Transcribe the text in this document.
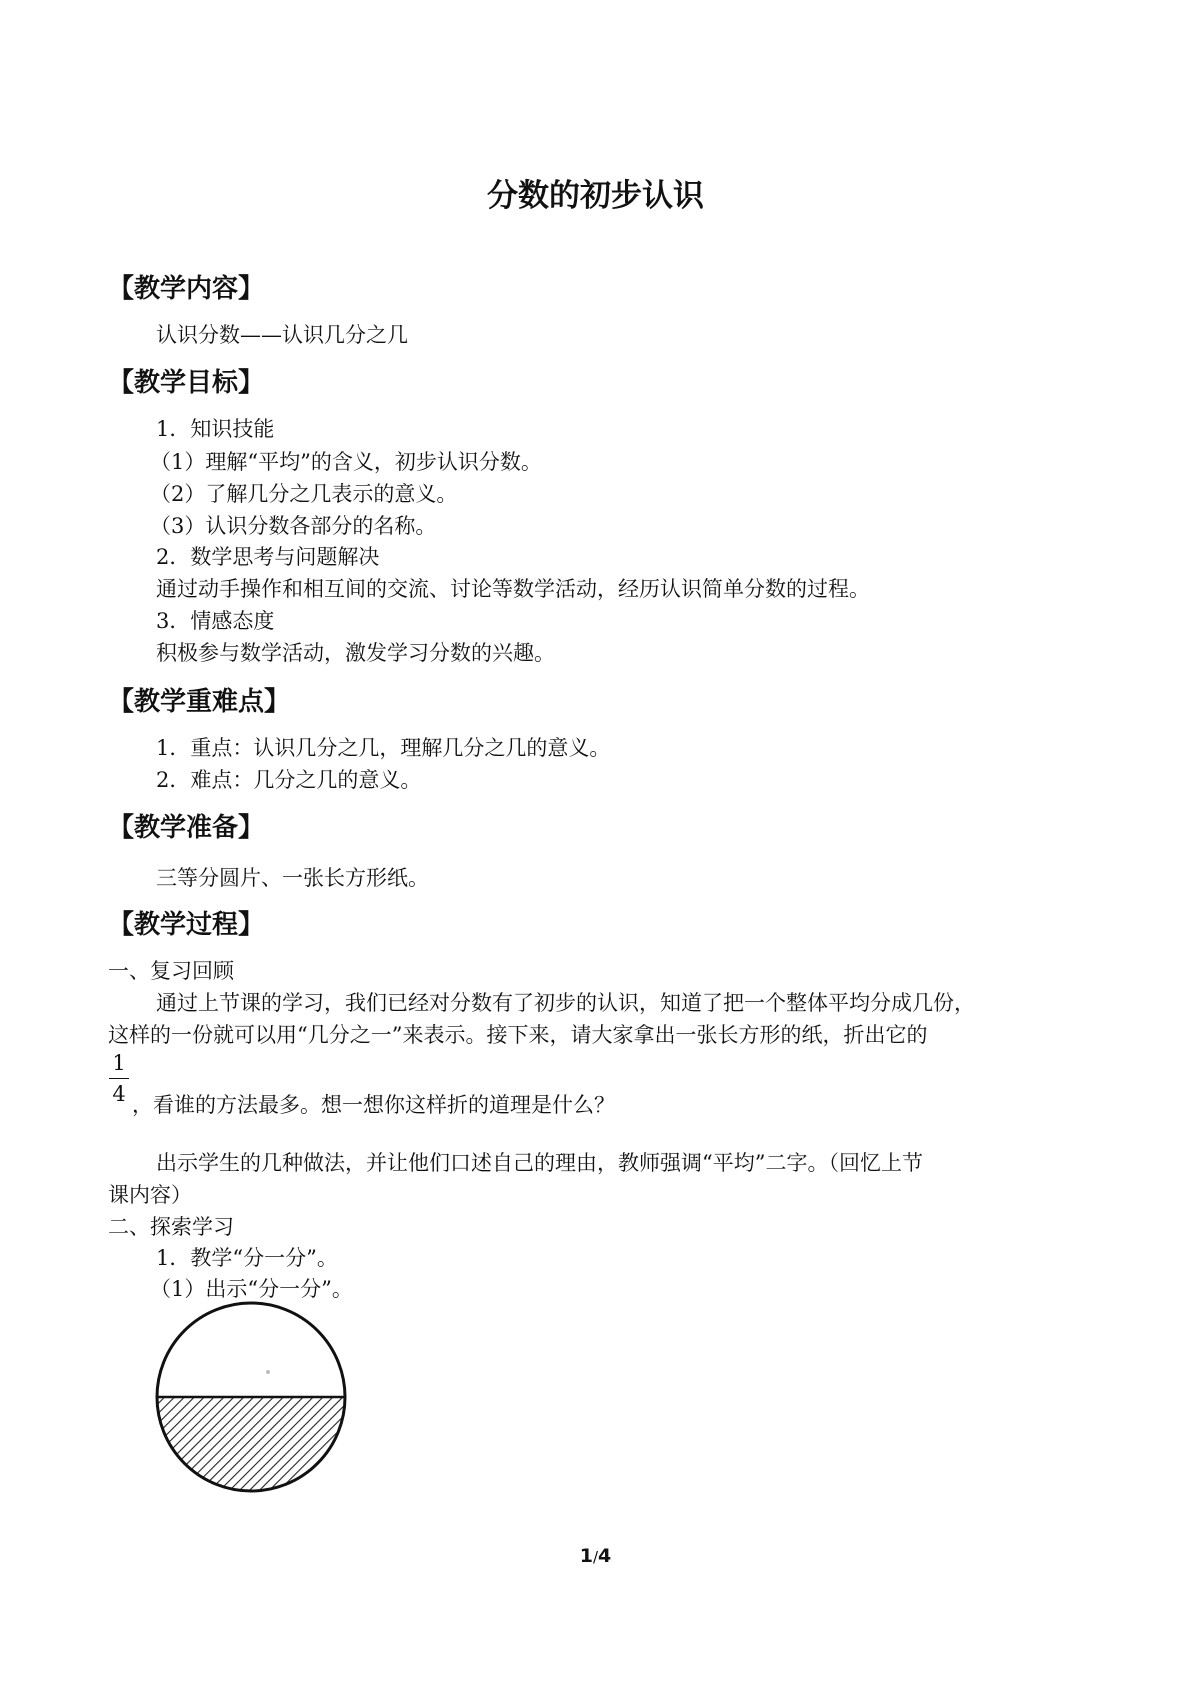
分数的初步认识
【教学内容】
认识分数——认识几分之几
【教学目标】
1．知识技能
（1）理解“平均”的含义，初步认识分数。
（2）了解几分之几表示的意义。
（3）认识分数各部分的名称。
2．数学思考与问题解决
通过动手操作和相互间的交流、讨论等数学活动，经历认识简单分数的过程。
3．情感态度
积极参与数学活动，激发学习分数的兴趣。
【教学重难点】
1．重点：认识几分之几，理解几分之几的意义。
2．难点：几分之几的意义。
【教学准备】
三等分圆片、一张长方形纸。
【教学过程】
一、复习回顾
通过上节课的学习，我们已经对分数有了初步的认识，知道了把一个整体平均分成几份，
这样的一份就可以用“几分之一”来表示。接下来，请大家拿出一张长方形的纸，折出它的
1
4 ，看谁的方法最多。想一想你这样折的道理是什么？
出示学生的几种做法，并让他们口述自己的理由，教师强调“平均”二字。（回忆上节
课内容）
二、探索学习
1．教学“分一分”。
（1）出示“分一分”。
1/4
